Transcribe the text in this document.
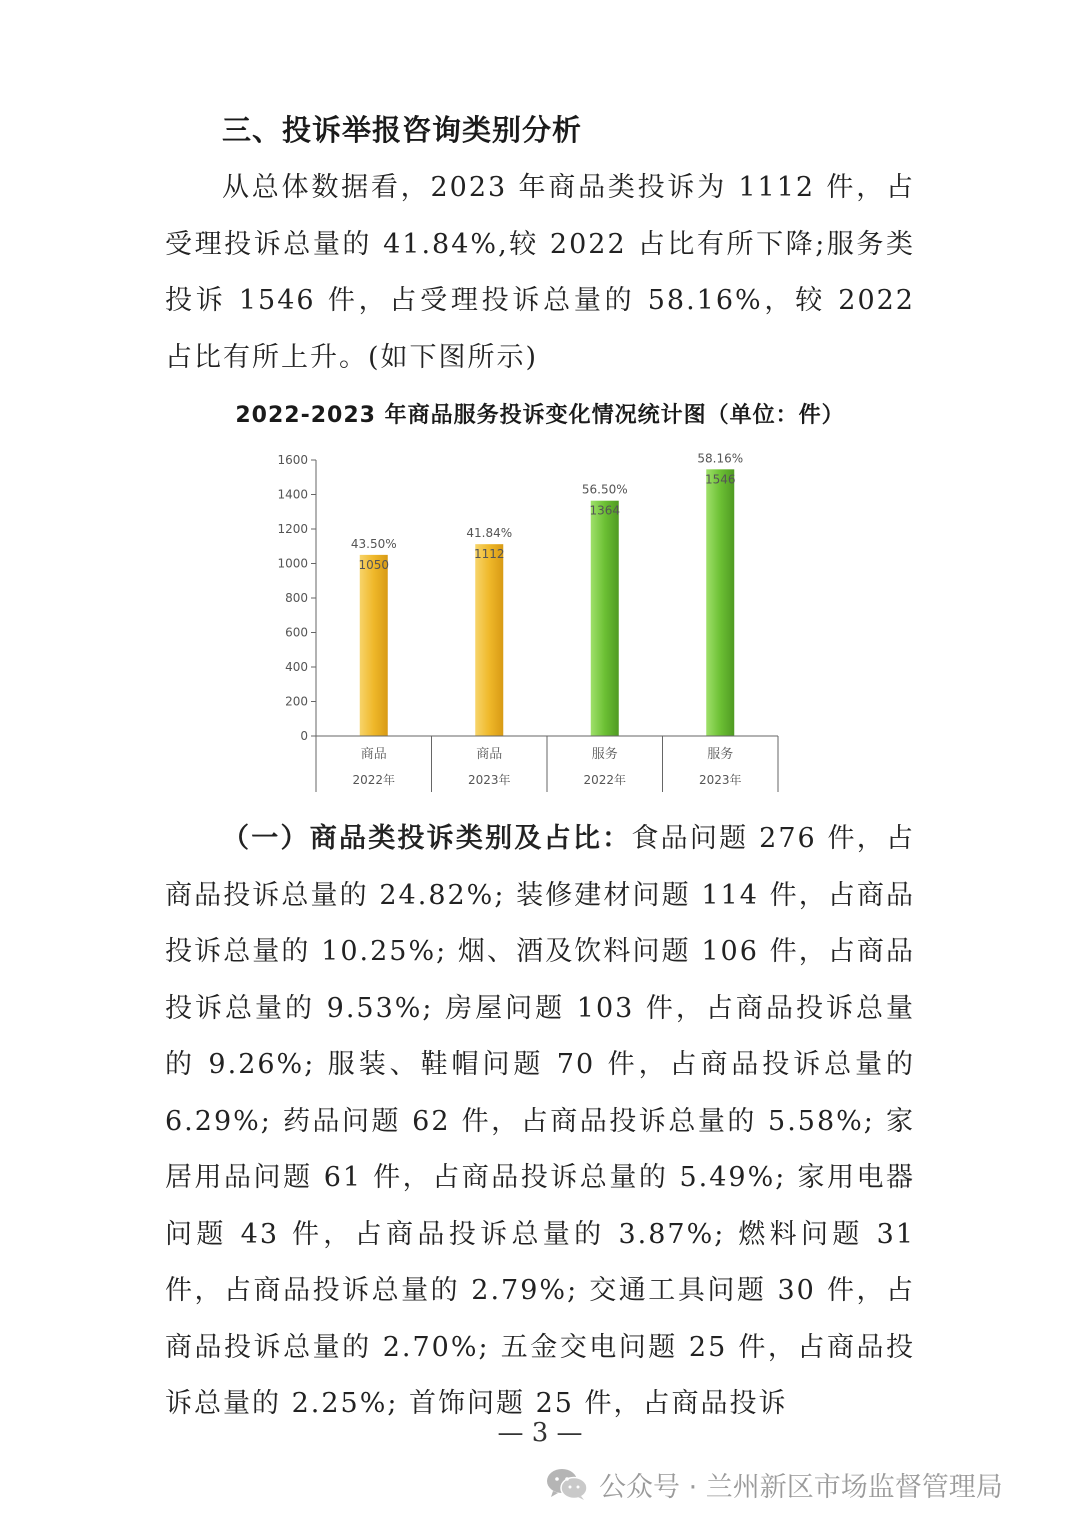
三、投诉举报咨询类别分析
从总体数据看，2023 年商品类投诉为 1112 件，占受理投诉总量的 41.84%,较 2022 占比有所下降;服务类投诉 1546 件，占受理投诉总量的 58.16%，较 2022 占比有所上升。(如下图所示)
2022-2023 年商品服务投诉变化情况统计图（单位：件）
0
200
400
600
800
1000
1200
1400
1600
43.50%
1050
41.84%
1112
56.50%
1364
58.16%
1546
商品
2022年
商品
2023年
服务
2022年
服务
2023年
（一）商品类投诉类别及占比：食品问题 276 件，占商品投诉总量的 24.82%; 装修建材问题 114 件，占商品投诉总量的 10.25%; 烟、酒及饮料问题 106 件，占商品投诉总量的 9.53%; 房屋问题 103 件，占商品投诉总量的 9.26%; 服装、鞋帽问题 70 件，占商品投诉总量的 6.29%; 药品问题 62 件，占商品投诉总量的 5.58%; 家居用品问题 61 件，占商品投诉总量的 5.49%; 家用电器问题 43 件，占商品投诉总量的 3.87%; 燃料问题 31 件，占商品投诉总量的 2.79%; 交通工具问题 30 件，占商品投诉总量的 2.70%; 五金交电问题 25 件，占商品投诉总量的 2.25%; 首饰问题 25 件，占商品投诉
— 3 —
公众号 · 兰州新区市场监督管理局
